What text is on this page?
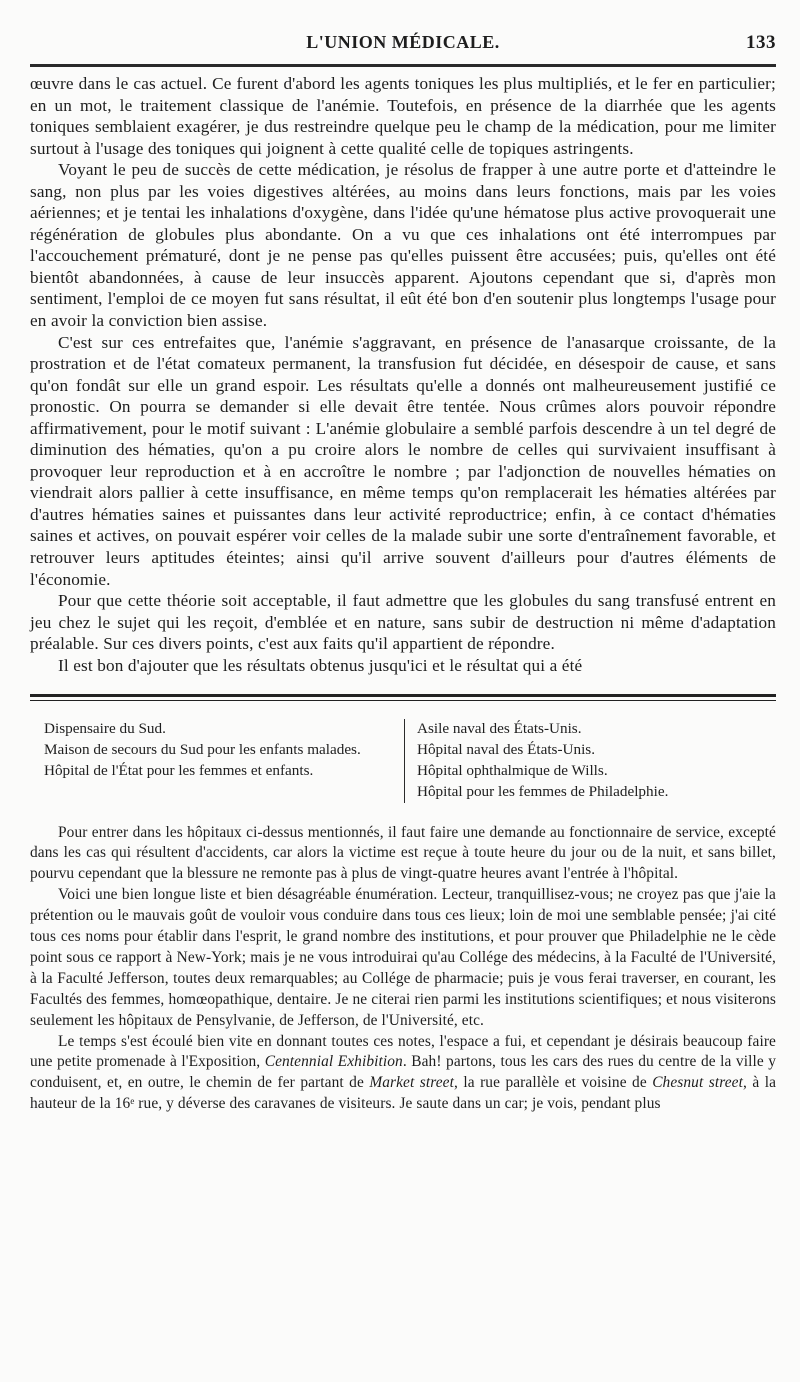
L'UNION MÉDICALE.	133

œuvre dans le cas actuel. Ce furent d'abord les agents toniques les plus multipliés, et le fer en particulier; en un mot, le traitement classique de l'anémie. Toutefois, en présence de la diarrhée que les agents toniques semblaient exagérer, je dus restreindre quelque peu le champ de la médication, pour me limiter surtout à l'usage des toniques qui joignent à cette qualité celle de topiques astringents.

Voyant le peu de succès de cette médication, je résolus de frapper à une autre porte et d'atteindre le sang, non plus par les voies digestives altérées, au moins dans leurs fonctions, mais par les voies aériennes; et je tentai les inhalations d'oxygène, dans l'idée qu'une hématose plus active provoquerait une régénération de globules plus abondante. On a vu que ces inhalations ont été interrompues par l'accouchement prématuré, dont je ne pense pas qu'elles puissent être accusées; puis, qu'elles ont été bientôt abandonnées, à cause de leur insuccès apparent. Ajoutons cependant que si, d'après mon sentiment, l'emploi de ce moyen fut sans résultat, il eût été bon d'en soutenir plus longtemps l'usage pour en avoir la conviction bien assise.

C'est sur ces entrefaites que, l'anémie s'aggravant, en présence de l'anasarque croissante, de la prostration et de l'état comateux permanent, la transfusion fut décidée, en désespoir de cause, et sans qu'on fondât sur elle un grand espoir. Les résultats qu'elle a donnés ont malheureusement justifié ce pronostic. On pourra se demander si elle devait être tentée. Nous crûmes alors pouvoir répondre affirmativement, pour le motif suivant : L'anémie globulaire a semblé parfois descendre à un tel degré de diminution des hématies, qu'on a pu croire alors le nombre de celles qui survivaient insuffisant à provoquer leur reproduction et à en accroître le nombre ; par l'adjonction de nouvelles hématies on viendrait alors pallier à cette insuffisance, en même temps qu'on remplacerait les hématies altérées par d'autres hématies saines et puissantes dans leur activité reproductrice; enfin, à ce contact d'hématies saines et actives, on pouvait espérer voir celles de la malade subir une sorte d'entraînement favorable, et retrouver leurs aptitudes éteintes; ainsi qu'il arrive souvent d'ailleurs pour d'autres éléments de l'économie.

Pour que cette théorie soit acceptable, il faut admettre que les globules du sang transfusé entrent en jeu chez le sujet qui les reçoit, d'emblée et en nature, sans subir de destruction ni même d'adaptation préalable. Sur ces divers points, c'est aux faits qu'il appartient de répondre.

Il est bon d'ajouter que les résultats obtenus jusqu'ici et le résultat qui a été

Dispensaire du Sud.
Maison de secours du Sud pour les enfants malades.
Hôpital de l'État pour les femmes et enfants.
Asile naval des États-Unis.
Hôpital naval des États-Unis.
Hôpital ophthalmique de Wills.
Hôpital pour les femmes de Philadelphie.

Pour entrer dans les hôpitaux ci-dessus mentionnés, il faut faire une demande au fonctionnaire de service, excepté dans les cas qui résultent d'accidents, car alors la victime est reçue à toute heure du jour ou de la nuit, et sans billet, pourvu cependant que la blessure ne remonte pas à plus de vingt-quatre heures avant l'entrée à l'hôpital.

Voici une bien longue liste et bien désagréable énumération. Lecteur, tranquillisez-vous; ne croyez pas que j'aie la prétention ou le mauvais goût de vouloir vous conduire dans tous ces lieux; loin de moi une semblable pensée; j'ai cité tous ces noms pour établir dans l'esprit, le grand nombre des institutions, et pour prouver que Philadelphie ne le cède point sous ce rapport à New-York; mais je ne vous introduirai qu'au Collége des médecins, à la Faculté de l'Université, à la Faculté Jefferson, toutes deux remarquables; au Collége de pharmacie; puis je vous ferai traverser, en courant, les Facultés des femmes, homœopathique, dentaire. Je ne citerai rien parmi les institutions scientifiques; et nous visiterons seulement les hôpitaux de Pensylvanie, de Jefferson, de l'Université, etc.

Le temps s'est écoulé bien vite en donnant toutes ces notes, l'espace a fui, et cependant je désirais beaucoup faire une petite promenade à l'Exposition, Centennial Exhibition. Bah! partons, tous les cars des rues du centre de la ville y conduisent, et, en outre, le chemin de fer partant de Market street, la rue parallèle et voisine de Chesnut street, à la hauteur de la 16ᵉ rue, y déverse des caravanes de visiteurs. Je saute dans un car; je vois, pendant plus
